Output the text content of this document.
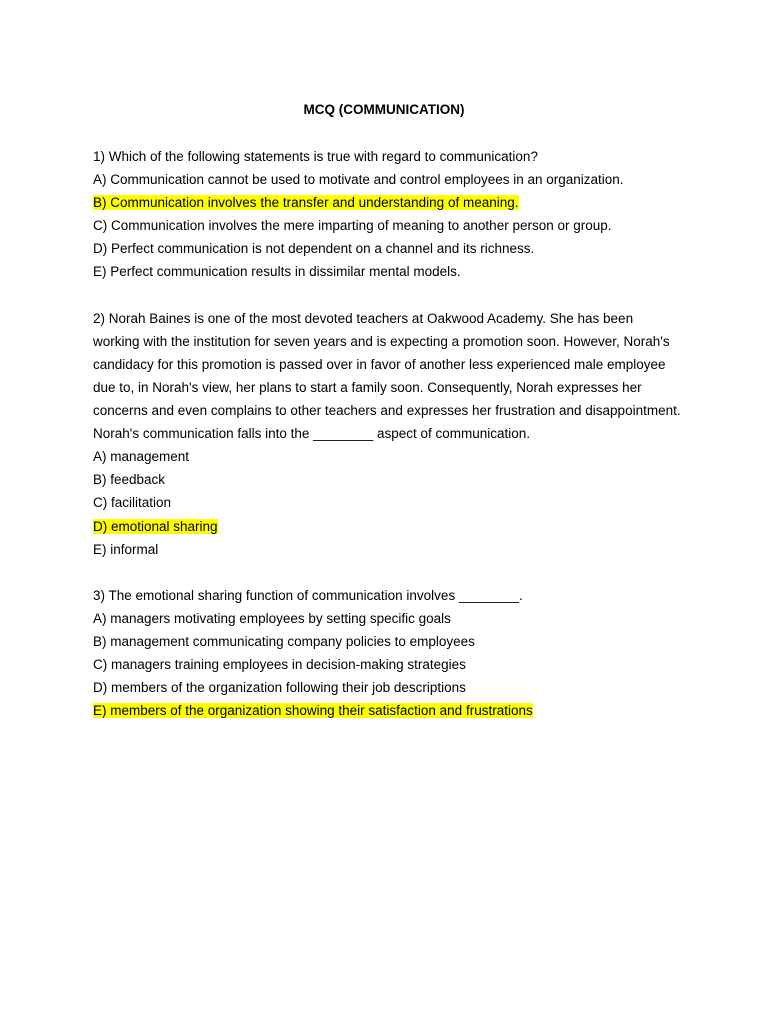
MCQ (COMMUNICATION)

1) Which of the following statements is true with regard to communication?

A) Communication cannot be used to motivate and control employees in an organization.

B) Communication involves the transfer and understanding of meaning.

C) Communication involves the mere imparting of meaning to another person or group.

D) Perfect communication is not dependent on a channel and its richness.

E) Perfect communication results in dissimilar mental models.

2) Norah Baines is one of the most devoted teachers at Oakwood Academy. She has been working with the institution for seven years and is expecting a promotion soon. However, Norah's candidacy for this promotion is passed over in favor of another less experienced male employee due to, in Norah's view, her plans to start a family soon. Consequently, Norah expresses her concerns and even complains to other teachers and expresses her frustration and disappointment. Norah's communication falls into the ________ aspect of communication.

A) management

B) feedback

C) facilitation

D) emotional sharing

E) informal

3) The emotional sharing function of communication involves ________.

A) managers motivating employees by setting specific goals

B) management communicating company policies to employees

C) managers training employees in decision-making strategies

D) members of the organization following their job descriptions

E) members of the organization showing their satisfaction and frustrations
